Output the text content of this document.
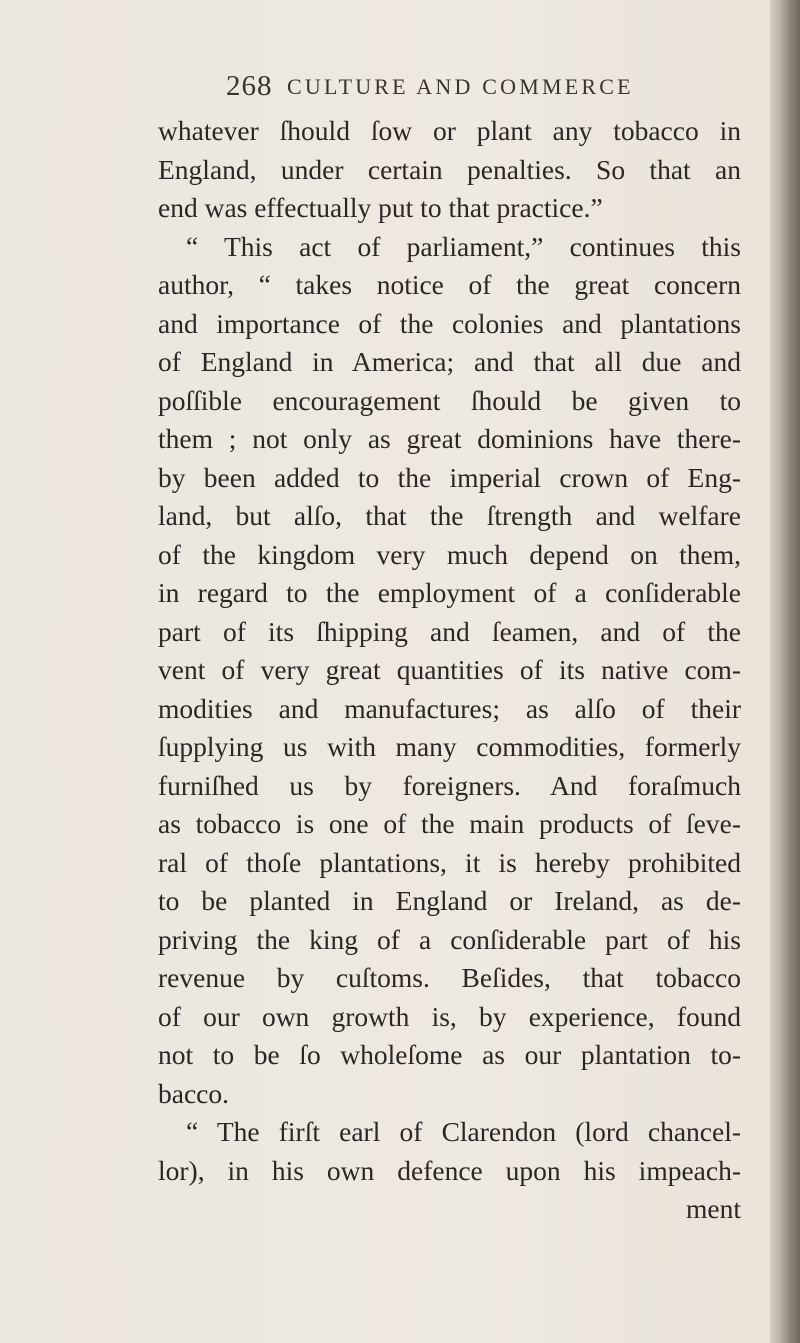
268 CULTURE AND COMMERCE
whatever ſhould ſow or plant any tobacco in
England, under certain penalties. So that an
end was effectually put to that practice.”
“ This act of parliament,” continues this
author, “ takes notice of the great concern
and importance of the colonies and plantations
of England in America; and that all due and
poſſible encouragement ſhould be given to
them ; not only as great dominions have there-
by been added to the imperial crown of Eng-
land, but alſo, that the ſtrength and welfare
of the kingdom very much depend on them,
in regard to the employment of a conſiderable
part of its ſhipping and ſeamen, and of the
vent of very great quantities of its native com-
modities and manufactures; as alſo of their
ſupplying us with many commodities, formerly
furniſhed us by foreigners. And foraſmuch
as tobacco is one of the main products of ſeve-
ral of thoſe plantations, it is hereby prohibited
to be planted in England or Ireland, as de-
priving the king of a conſiderable part of his
revenue by cuſtoms. Beſides, that tobacco
of our own growth is, by experience, found
not to be ſo wholeſome as our plantation to-
bacco.
“ The firſt earl of Clarendon (lord chancel-
lor), in his own defence upon his impeach-
ment
